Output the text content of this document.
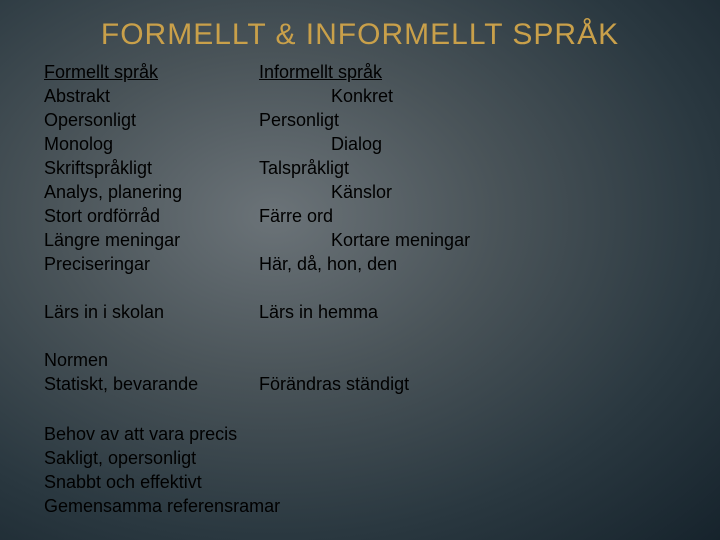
FORMELLT & INFORMELLT SPRÅK
Formellt språk
Abstrakt
Opersonligt
Monolog
Skriftspråkligt
Analys, planering
Stort ordförråd
Längre meningar
Preciseringar
Informellt språk
Konkret
Personligt
Dialog
Talspråkligt
Känslor
Färre ord
Kortare meningar
Här, då, hon, den
Lärs in i skolan	Lärs in hemma
Normen
Statiskt, bevarande	Förändras ständigt
Behov av att vara precis
Sakligt, opersonligt
Snabbt och effektivt
Gemensamma referensramar
